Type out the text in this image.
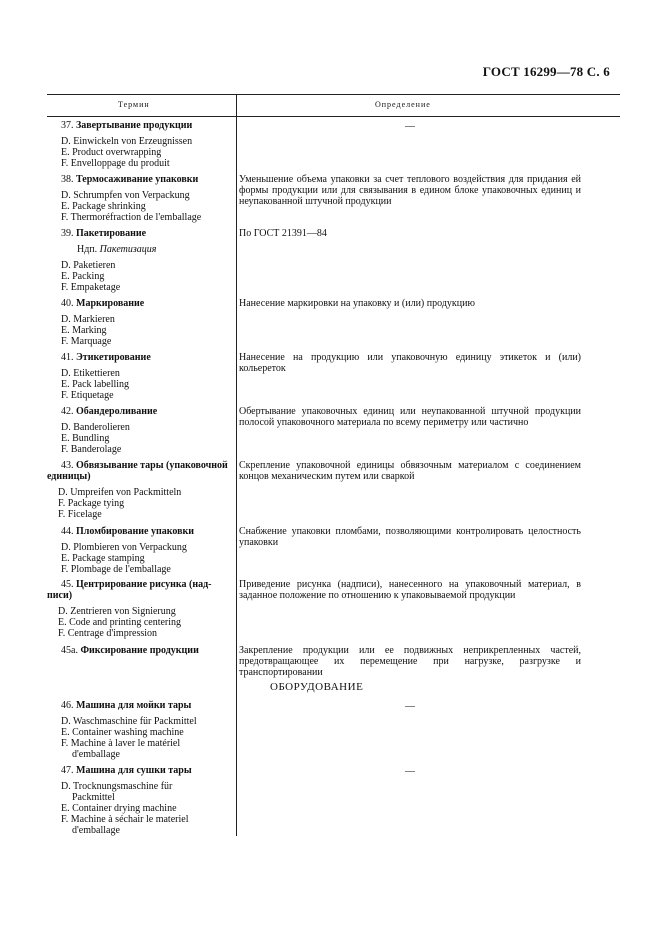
ГОСТ 16299—78 С. 6
Термин	Определение
37. Завертывание продукции
D. Einwickeln von Erzeugnissen
E. Product overwrapping
F. Envelloppage du produit
—
38. Термосаживание упаковки
D. Schrumpfen von Verpackung
E. Package shrinking
F. Thermoréfraction de l'emballage
Уменьшение объема упаковки за счет теплового воздействия для придания ей формы продукции или для связывания в едином блоке упаковочных единиц и неупакованной штучной продукции
39. Пакетирование
Ндп. Пакетизация
D. Paketieren
E. Packing
F. Empaketage
По ГОСТ 21391—84
40. Маркирование
D. Markieren
E. Marking
F. Marquage
Нанесение маркировки на упаковку и (или) продукцию
41. Этикетирование
D. Etikettieren
E. Pack labelling
F. Etiquetage
Нанесение на продукцию или упаковочную единицу этикеток и (или) кольереток
42. Обандероливание
D. Banderolieren
E. Bundling
F. Banderolage
Обертывание упаковочных единиц или неупакованной штучной продукции полосой упаковочного материала по всему периметру или частично
43. Обвязывание тары (упаковочной
единицы)
D. Umpreifen von Packmitteln
F. Package tying
F. Ficelage
Скрепление упаковочной единицы обвязочным материалом с соединением концов механическим путем или сваркой
44. Пломбирование упаковки
D. Plombieren von Verpackung
E. Package stamping
F. Plombage de l'emballage
Снабжение упаковки пломбами, позволяющими контролировать целостность упаковки
45. Центрирование рисунка (над-
писи)
D. Zentrieren von Signierung
E. Code and printing centering
F. Centrage d'impression
Приведение рисунка (надписи), нанесенного на упаковочный материал, в заданное положение по отношению к упаковываемой продукции
45а. Фиксирование продукции	Закрепление продукции или ее подвижных неприкрепленных частей, предотвращающее их перемещение при нагрузке, разгрузке и транспортировании
ОБОРУДОВАНИЕ
46. Машина для мойки тары
D. Waschmaschine für Packmittel
E. Container washing machine
F. Machine à laver le matériel
d'emballage
—
47. Машина для сушки тары
D. Trocknungsmaschine für
Packmittel
E. Container drying machine
F. Machine à séchair le materiel
d'emballage
—
